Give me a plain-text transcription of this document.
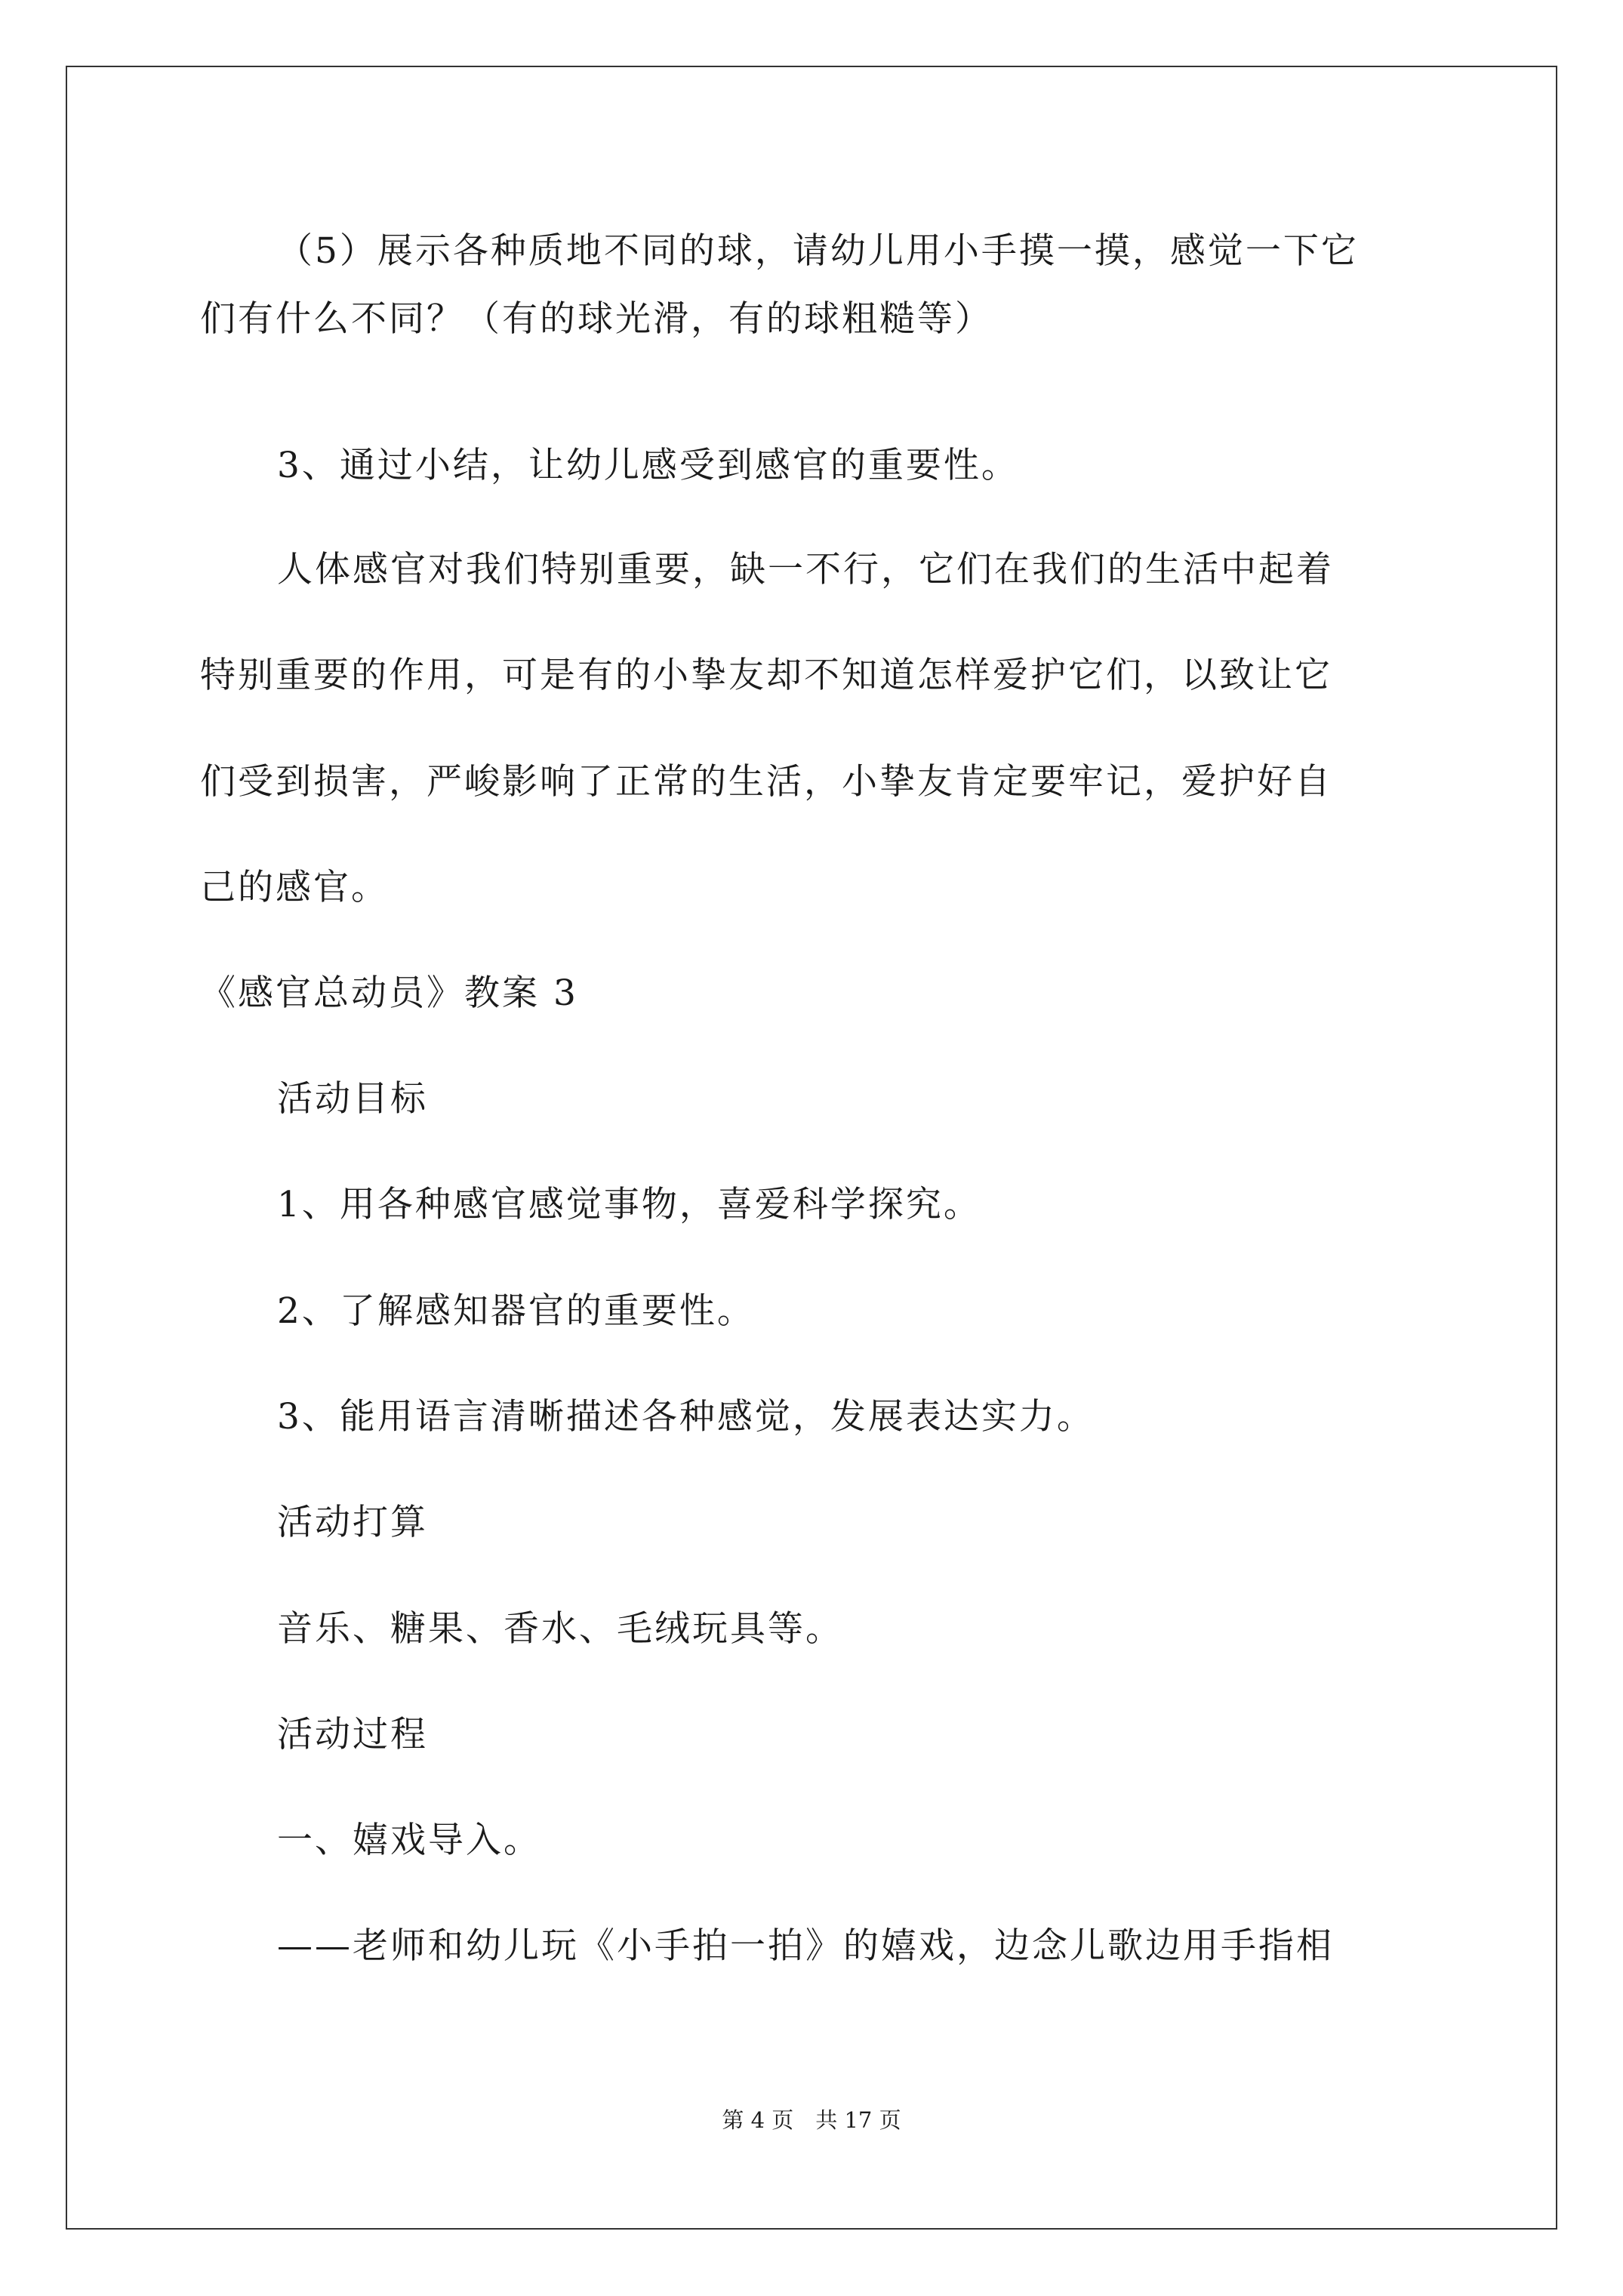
（5）展示各种质地不同的球，请幼儿用小手摸一摸，感觉一下它
们有什么不同？（有的球光滑，有的球粗糙等）
3、通过小结，让幼儿感受到感官的重要性。
人体感官对我们特别重要，缺一不行，它们在我们的生活中起着
特别重要的作用，可是有的小挚友却不知道怎样爱护它们，以致让它
们受到损害，严峻影响了正常的生活，小挚友肯定要牢记，爱护好自
己的感官。
《感官总动员》教案 3
活动目标
1、用各种感官感觉事物，喜爱科学探究。
2、了解感知器官的重要性。
3、能用语言清晰描述各种感觉，发展表达实力。
活动打算
音乐、糖果、香水、毛绒玩具等。
活动过程
一、嬉戏导入。
——老师和幼儿玩《小手拍一拍》的嬉戏，边念儿歌边用手指相
第 4 页　共 17 页
